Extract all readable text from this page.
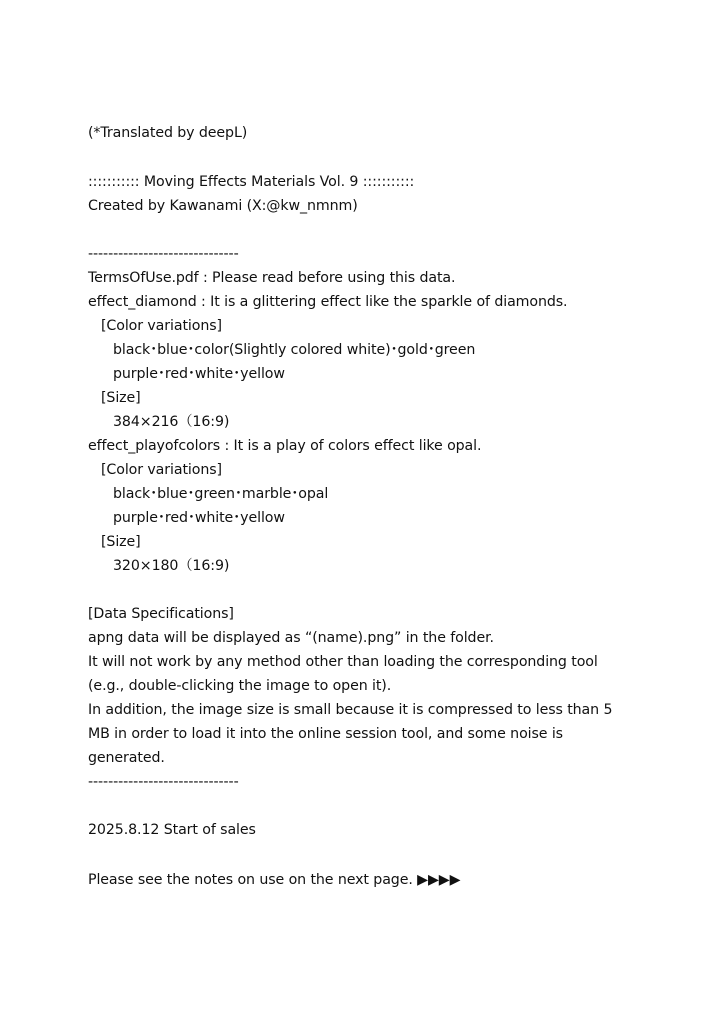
(*Translated by deepL)
::::::::::: Moving Effects Materials Vol. 9 :::::::::::
Created by Kawanami (X:@kw_nmnm)
------------------------------
TermsOfUse.pdf : Please read before using this data.
effect_diamond : It is a glittering effect like the sparkle of diamonds.
[Color variations]
black･blue･color(Slightly colored white)･gold･green
purple･red･white･yellow
[Size]
384×216（16:9)
effect_playofcolors : It is a play of colors effect like opal.
[Color variations]
black･blue･green･marble･opal
purple･red･white･yellow
[Size]
320×180（16:9)
[Data Specifications]
apng data will be displayed as “(name).png” in the folder.
It will not work by any method other than loading the corresponding tool
(e.g., double-clicking the image to open it).
In addition, the image size is small because it is compressed to less than 5
MB in order to load it into the online session tool, and some noise is
generated.
------------------------------
2025.8.12 Start of sales
Please see the notes on use on the next page. ▶▶▶▶
